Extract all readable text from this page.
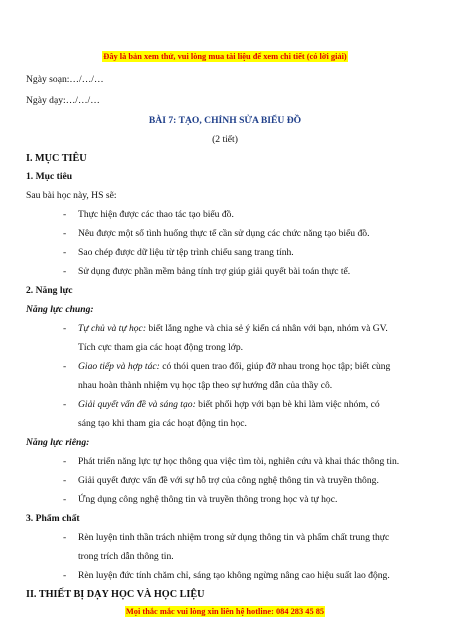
Đây là bản xem thử, vui lòng mua tài liệu để xem chi tiết (có lời giải)
Ngày soạn:…/…/…
Ngày dạy:…/…/…
BÀI 7: TẠO, CHỈNH SỬA BIỂU ĐỒ
(2 tiết)
I. MỤC TIÊU
1. Mục tiêu
Sau bài học này, HS sẽ:
- Thực hiện được các thao tác tạo biểu đồ.
- Nêu được một số tình huống thực tế cần sử dụng các chức năng tạo biểu đồ.
- Sao chép được dữ liệu từ tệp trình chiếu sang trang tính.
- Sử dụng được phần mềm bảng tính trợ giúp giải quyết bài toán thực tế.
2. Năng lực
Năng lực chung:
- Tự chủ và tự học: biết lắng nghe và chia sẻ ý kiến cá nhân với bạn, nhóm và GV.
Tích cực tham gia các hoạt động trong lớp.
- Giao tiếp và hợp tác: có thói quen trao đổi, giúp đỡ nhau trong học tập; biết cùng
nhau hoàn thành nhiệm vụ học tập theo sự hướng dẫn của thầy cô.
- Giải quyết vấn đề và sáng tạo: biết phối hợp với bạn bè khi làm việc nhóm, có
sáng tạo khi tham gia các hoạt động tin học.
Năng lực riêng:
- Phát triển năng lực tự học thông qua việc tìm tòi, nghiên cứu và khai thác thông tin.
- Giải quyết được vấn đề với sự hỗ trợ của công nghệ thông tin và truyền thông.
- Ứng dụng công nghệ thông tin và truyền thông trong học và tự học.
3. Phẩm chất
- Rèn luyện tinh thần trách nhiệm trong sử dụng thông tin và phẩm chất trung thực
trong trích dẫn thông tin.
- Rèn luyện đức tính chăm chỉ, sáng tạo không ngừng nâng cao hiệu suất lao động.
II. THIẾT BỊ DẠY HỌC VÀ HỌC LIỆU
Mọi thắc mắc vui lòng xin liên hệ hotline: 084 283 45 85
